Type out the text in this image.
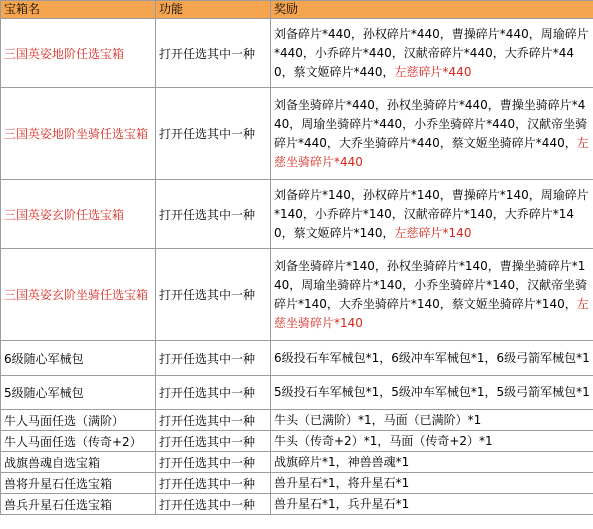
宝箱名	功能	奖励
三国英姿地阶任选宝箱	打开任选其中一种	刘备碎片*440，孙权碎片*440，曹操碎片*440，周瑜碎片*440，小乔碎片*440，汉献帝碎片*440，大乔碎片*440，蔡文姬碎片*440，左慈碎片*440
三国英姿地阶坐骑任选宝箱	打开任选其中一种	刘备坐骑碎片*440，孙权坐骑碎片*440，曹操坐骑碎片*440，周瑜坐骑碎片*440，小乔坐骑碎片*440，汉献帝坐骑碎片*440，大乔坐骑碎片*440，蔡文姬坐骑碎片*440，左慈坐骑碎片*440
三国英姿玄阶任选宝箱	打开任选其中一种	刘备碎片*140，孙权碎片*140，曹操碎片*140，周瑜碎片*140，小乔碎片*140，汉献帝碎片*140，大乔碎片*140，蔡文姬碎片*140，左慈碎片*140
三国英姿玄阶坐骑任选宝箱	打开任选其中一种	刘备坐骑碎片*140，孙权坐骑碎片*140，曹操坐骑碎片*140，周瑜坐骑碎片*140，小乔坐骑碎片*140，汉献帝坐骑碎片*140，大乔坐骑碎片*140，蔡文姬坐骑碎片*140，左慈坐骑碎片*140
6级随心军械包	打开任选其中一种	6级投石车军械包*1，6级冲车军械包*1，6级弓箭军械包*1
5级随心军械包	打开任选其中一种	5级投石车军械包*1，5级冲车军械包*1，5级弓箭军械包*1
牛人马面任选（满阶）	打开任选其中一种	牛头（已满阶）*1，马面（已满阶）*1
牛人马面任选（传奇+2）	打开任选其中一种	牛头（传奇+2）*1，马面（传奇+2）*1
战旗兽魂自选宝箱	打开任选其中一种	战旗碎片*1，神兽兽魂*1
兽将升星石任选宝箱	打开任选其中一种	兽升星石*1，将升星石*1
兽兵升星石任选宝箱	打开任选其中一种	兽升星石*1，兵升星石*1
